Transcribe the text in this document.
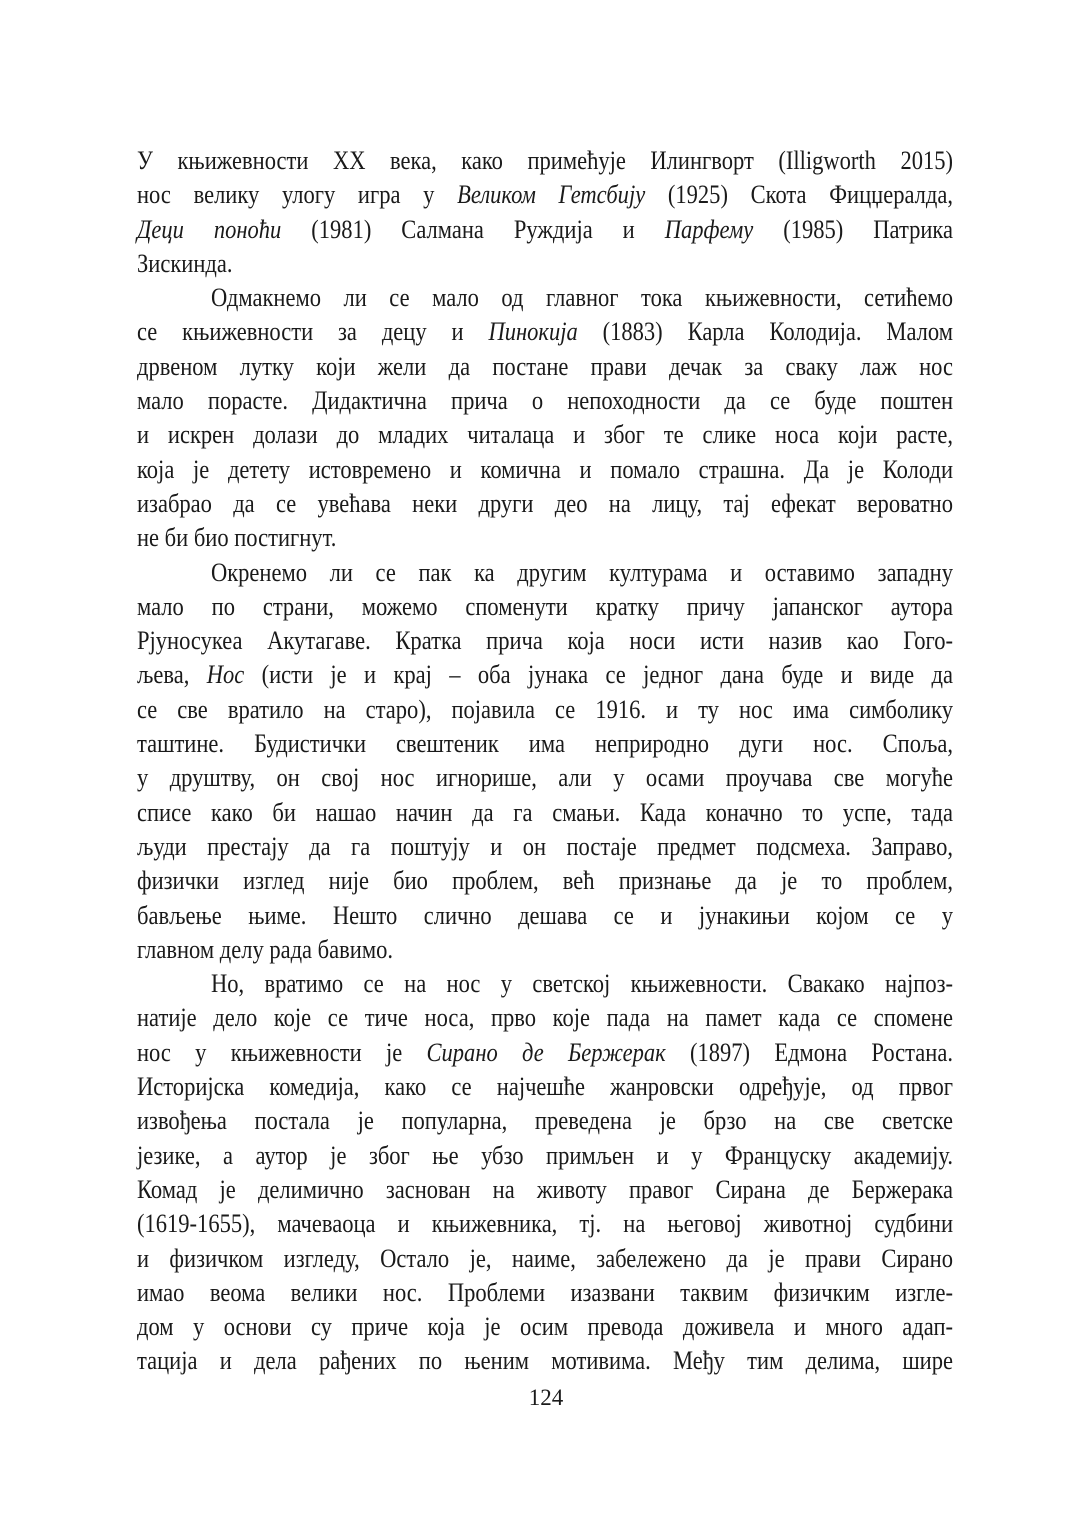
У књижевности XX века, како примећује Илингворт (Illigworth 2015)
нос велику улогу игра у Великом Гетсбију (1925) Скота Фицџералда,
Деци поноћи (1981) Салмана Руждија и Парфему (1985) Патрика
Зискинда.
Одмакнемо ли се мало од главног тока књижевности, сетићемо
се књижевности за децу и Пинокија (1883) Карла Колодија. Малом
дрвеном лутку који жели да постане прави дечак за сваку лаж нос
мало порасте. Дидактична прича о непоходности да се буде поштен
и искрен долази до младих читалаца и због те слике носа који расте,
која је детету истовремено и комична и помало страшна. Да је Колоди
изабрао да се увећава неки други део на лицу, тај ефекат вероватно
не би био постигнут.
Окренемо ли се пак ка другим културама и оставимо западну
мало по страни, можемо споменути кратку причу јапанског аутора
Рјуносукеа Акутагаве. Кратка прича која носи исти назив као Гого-
љева, Нос (исти је и крај – оба јунака се једног дана буде и виде да
се све вратило на старо), појавила се 1916. и ту нос има симболику
таштине. Будистички свештеник има неприродно дуги нос. Споља,
у друштву, он свој нос игнорише, али у осами проучава све могуће
списе како би нашао начин да га смањи. Када коначно то успе, тада
људи престају да га поштују и он постаје предмет подсмеха. Заправо,
физички изглед није био проблем, већ признање да је то проблем,
бављење њиме. Нешто слично дешава се и јунакињи којом се у
главном делу рада бавимо.
Но, вратимо се на нос у светској књижевности. Свакако најпоз-
натије дело које се тиче носа, прво које пада на памет када се спомене
нос у књижевности је Сирано де Бержерак (1897) Едмона Ростана.
Историјска комедија, како се најчешће жанровски одређује, од првог
извођења постала је популарна, преведена је брзо на све светске
језике, а аутор је због ње убзо примљен и у Француску академију.
Комад је делимично заснован на животу правог Сирана де Бержерака
(1619-1655), мачеваоца и књижевника, тј. на његовој животној судбини
и физичком изгледу, Остало је, наиме, забележено да је прави Сирано
имао веома велики нос. Проблеми изазвани таквим физичким изгле-
дом у основи су приче која је осим превода доживела и много адап-
тација и дела рађених по њеним мотивима. Међу тим делима, шире
124
